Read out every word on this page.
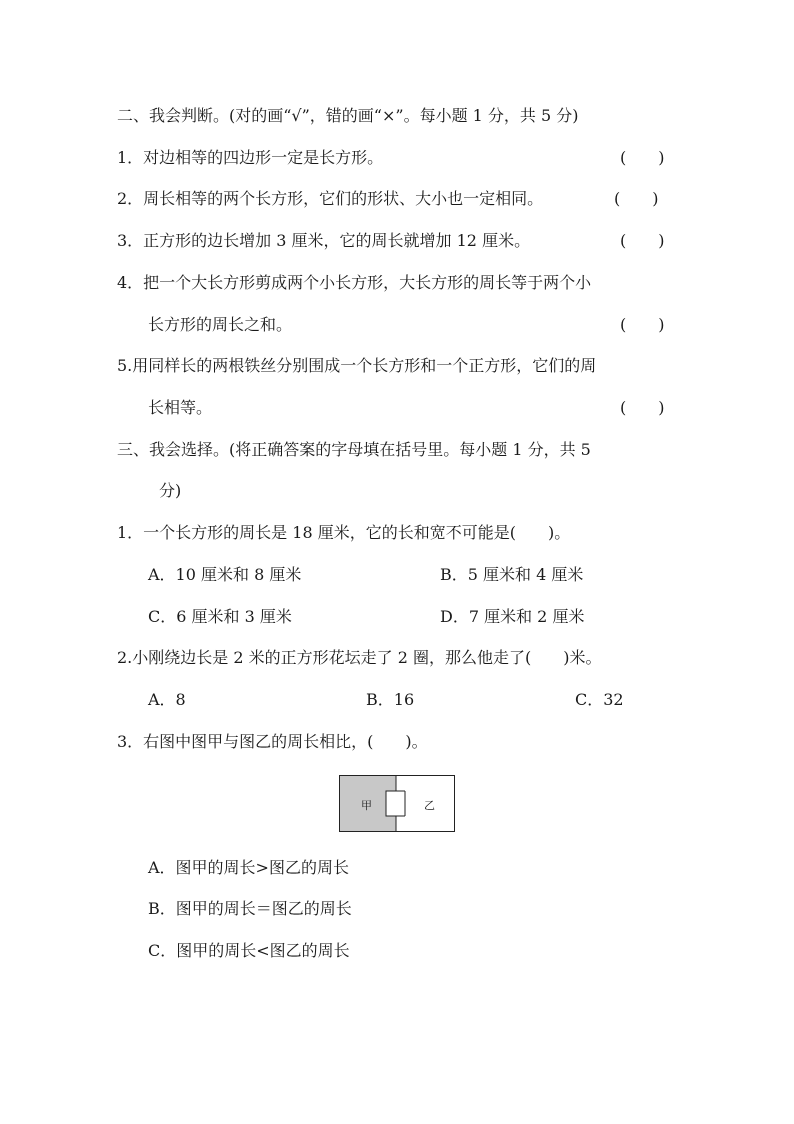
二、我会判断。(对的画“√”，错的画“×”。每小题 1 分，共 5 分)
1．对边相等的四边形一定是长方形。	(　　)
2．周长相等的两个长方形，它们的形状、大小也一定相同。	(　　)
3．正方形的边长增加 3 厘米，它的周长就增加 12 厘米。	(　　)
4．把一个大长方形剪成两个小长方形，大长方形的周长等于两个小
长方形的周长之和。	(　　)
5.用同样长的两根铁丝分别围成一个长方形和一个正方形，它们的周
长相等。	(　　)
三、我会选择。(将正确答案的字母填在括号里。每小题 1 分，共 5
分)
1．一个长方形的周长是 18 厘米，它的长和宽不可能是(　　)。
A．10 厘米和 8 厘米	B．5 厘米和 4 厘米
C．6 厘米和 3 厘米	D．7 厘米和 2 厘米
2.小刚绕边长是 2 米的正方形花坛走了 2 圈，那么他走了(　　)米。
A．8	B．16	C．32
3．右图中图甲与图乙的周长相比，(　　)。
甲	乙
A．图甲的周长>图乙的周长
B．图甲的周长＝图乙的周长
C．图甲的周长<图乙的周长
